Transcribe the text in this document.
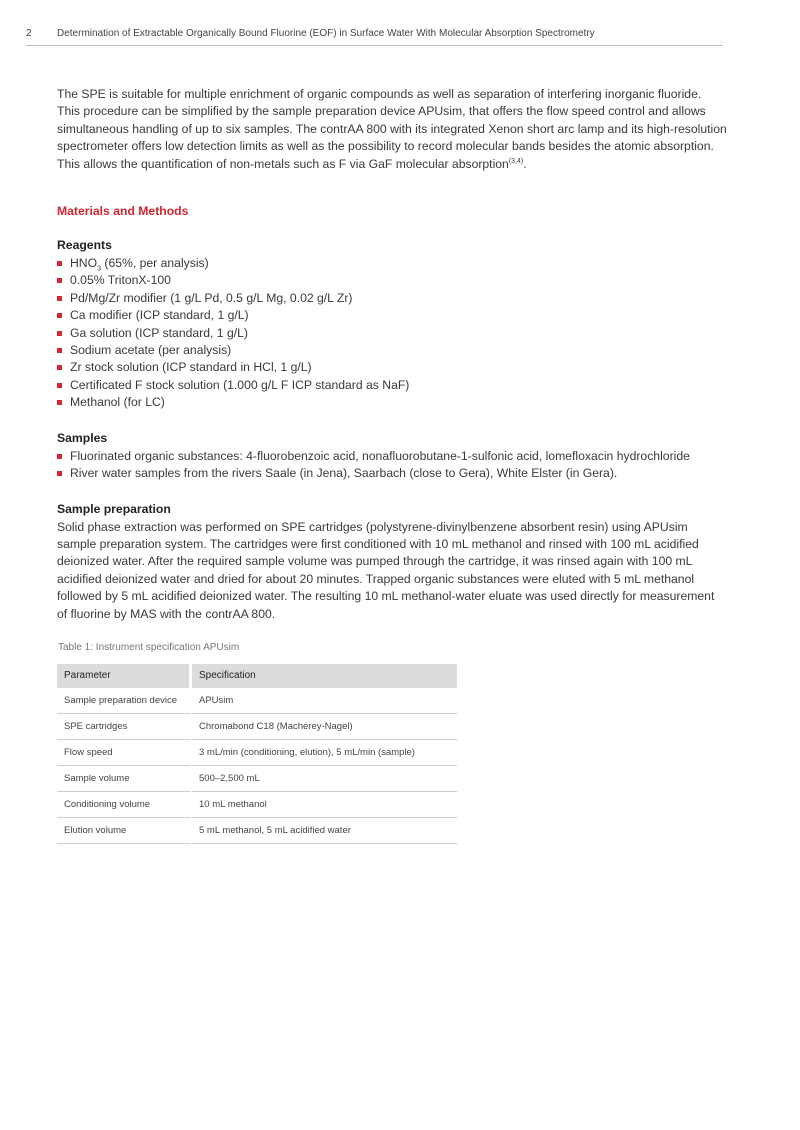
2	Determination of Extractable Organically Bound Fluorine (EOF) in Surface Water With Molecular Absorption Spectrometry

The SPE is suitable for multiple enrichment of organic compounds as well as separation of interfering inorganic fluoride. This procedure can be simplified by the sample preparation device APUsim, that offers the flow speed control and allows simultaneous handling of up to six samples. The contrAA 800 with its integrated Xenon short arc lamp and its high-resolution spectrometer offers low detection limits as well as the possibility to record molecular bands besides the atomic absorption. This allows the quantification of non-metals such as F via GaF molecular absorption$^{(3,4)}$.

Materials and Methods
Reagents
$HNO_3$ (65%, per analysis)
0.05% TritonX-100
Pd/Mg/Zr modifier (1 g/L Pd, 0.5 g/L Mg, 0.02 g/L Zr)
Ca modifier (ICP standard, 1 g/L)
Ga solution (ICP standard, 1 g/L)
Sodium acetate (per analysis)
Zr stock solution (ICP standard in HCl, 1 g/L)
Certificated F stock solution (1.000 g/L F ICP standard as NaF)
Methanol (for LC)
Samples
Fluorinated organic substances: 4-fluorobenzoic acid, nonafluorobutane-1-sulfonic acid, lomefloxacin hydrochloride
River water samples from the rivers Saale (in Jena), Saarbach (close to Gera), White Elster (in Gera).
Sample preparation

Solid phase extraction was performed on SPE cartridges (polystyrene-divinylbenzene absorbent resin) using APUsim sample preparation system. The cartridges were first conditioned with 10 mL methanol and rinsed with 100 mL acidified deionized water. After the required sample volume was pumped through the cartridge, it was rinsed again with 100 mL acidified deionized water and dried for about 20 minutes. Trapped organic substances were eluted with 5 mL methanol followed by 5 mL acidified deionized water. The resulting 10 mL methanol-water eluate was used directly for measurement of fluorine by MAS with the contrAA 800.

Table 1: Instrument specification APUsim
Parameter	Specification
Sample preparation device	APUsim
SPE cartridges	Chromabond C18 (Macherey-Nagel)
Flow speed	3 mL/min (conditioning, elution), 5 mL/min (sample)
Sample volume	500–2,500 mL
Conditioning volume	10 mL methanol
Elution volume	5 mL methanol, 5 mL acidified water
